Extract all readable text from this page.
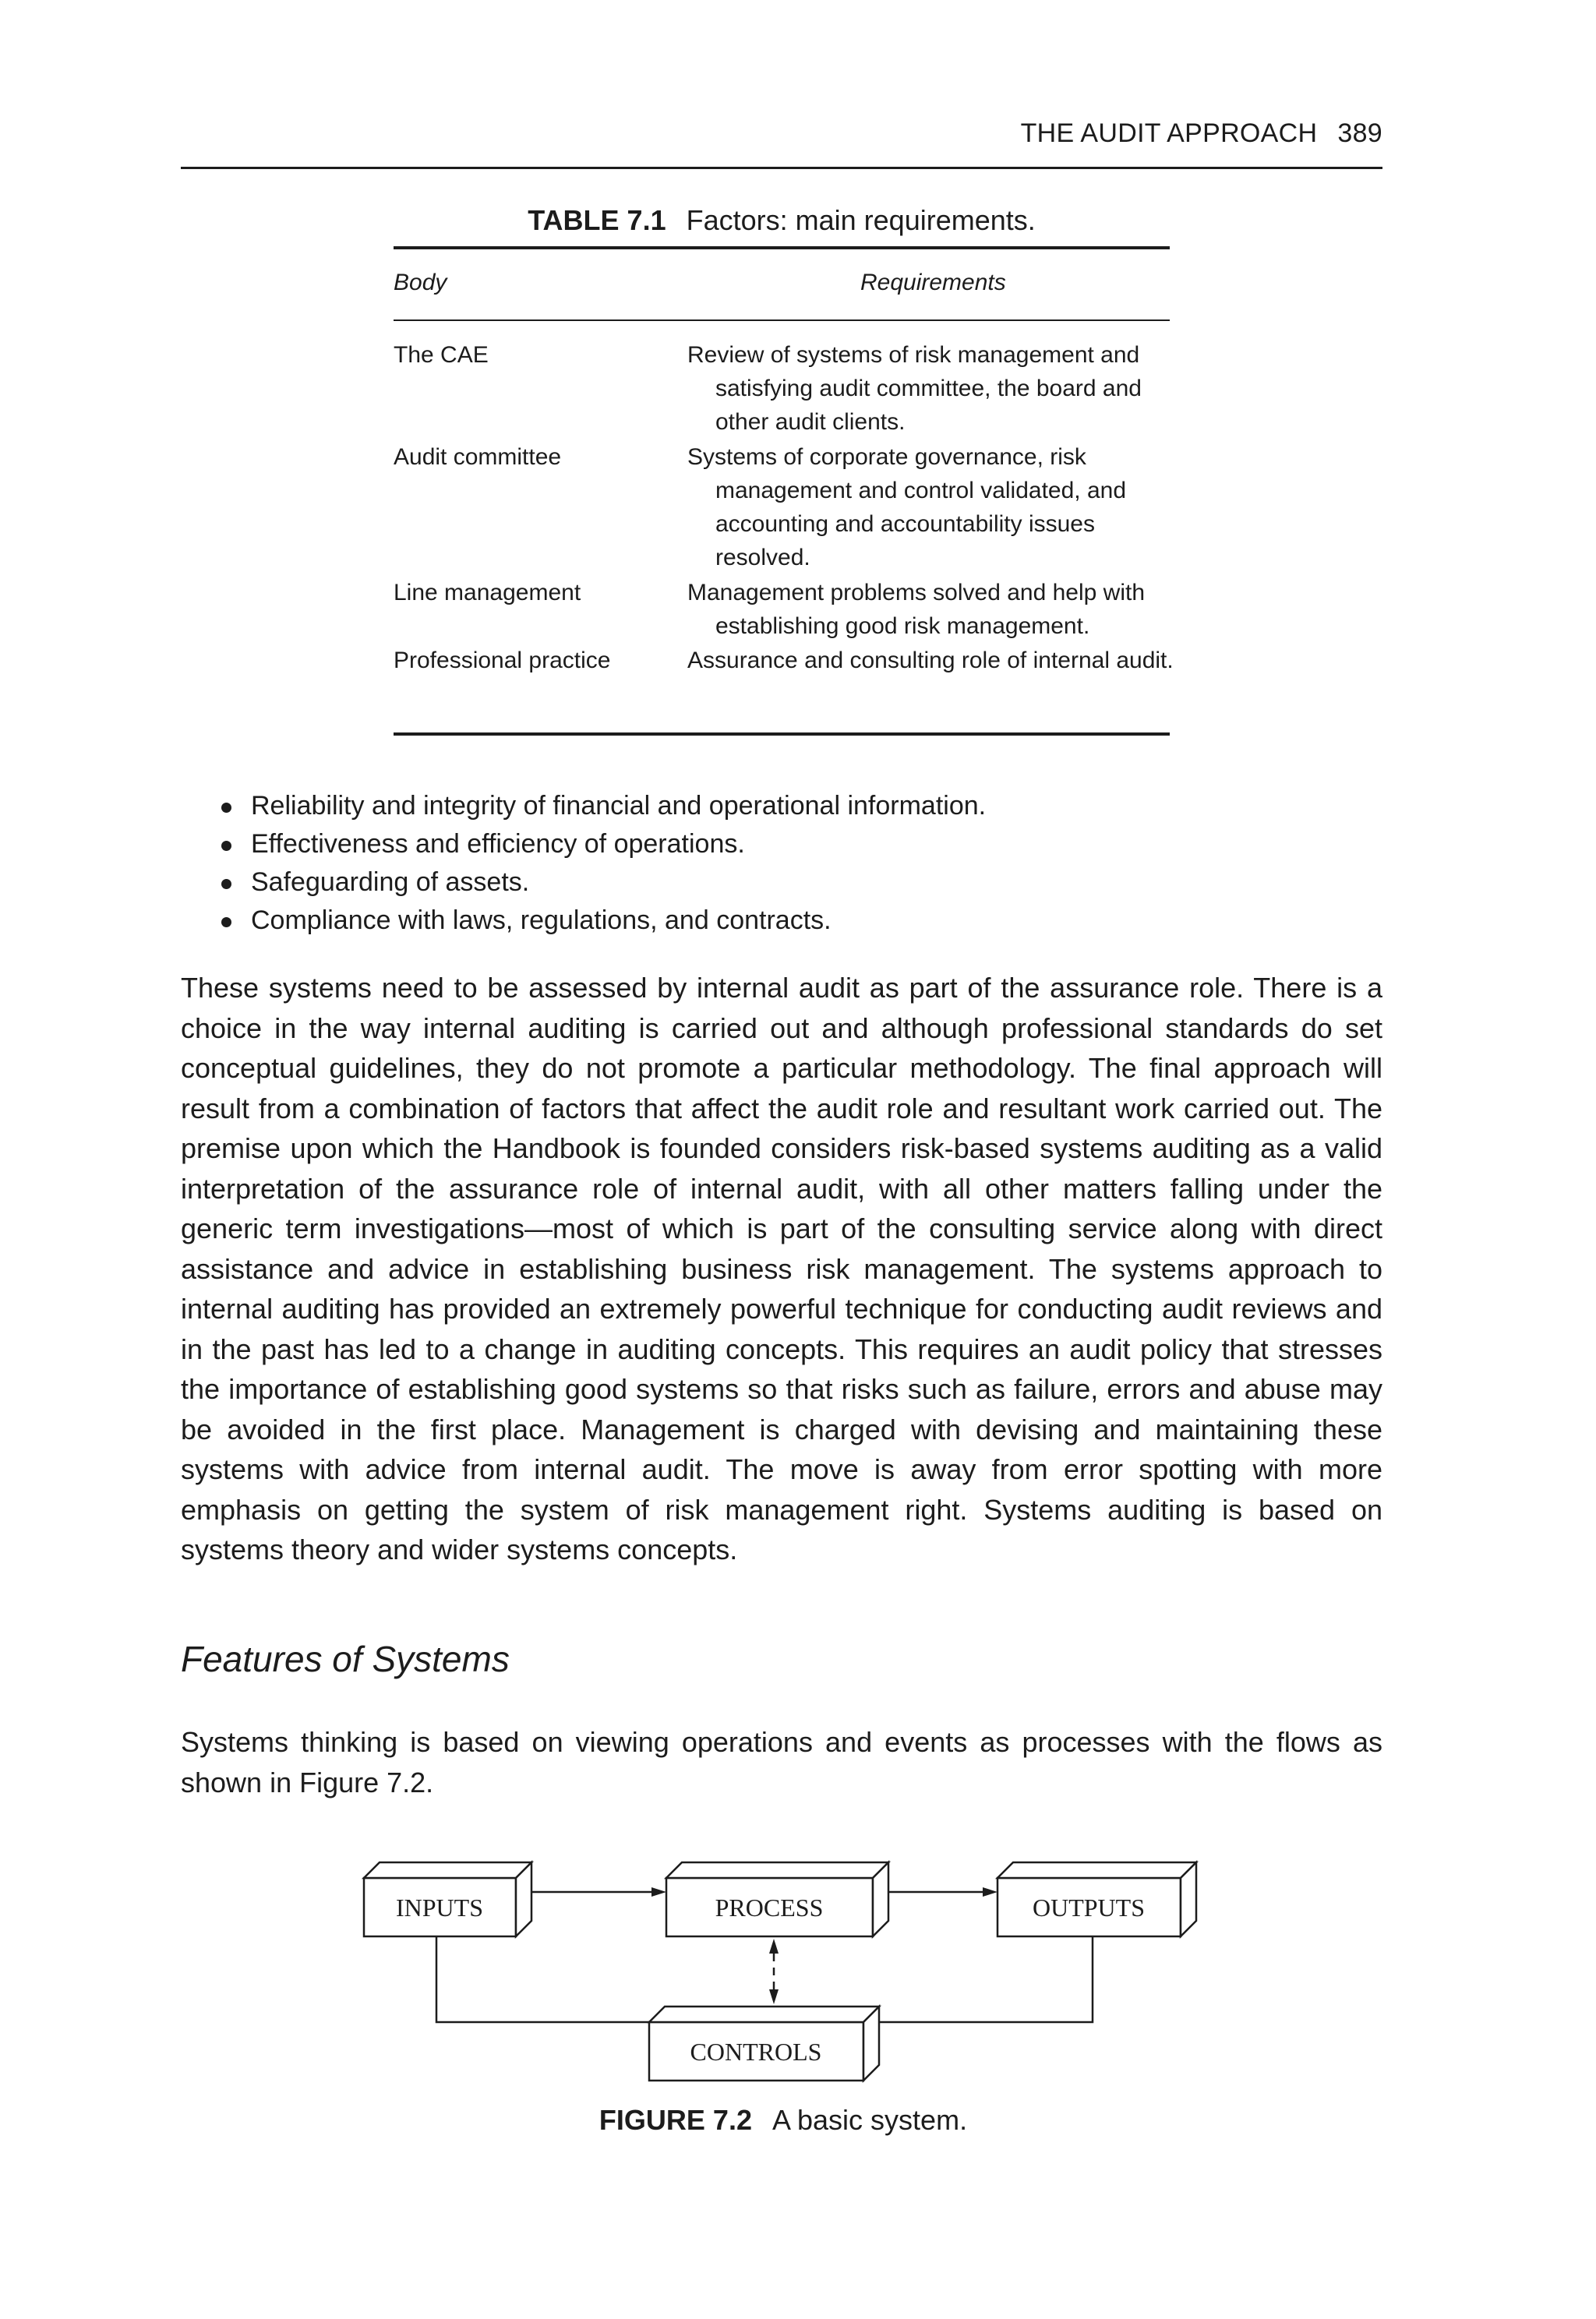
THE AUDIT APPROACH 389
TABLE 7.1 Factors: main requirements.
Body	Requirements
The CAE	Review of systems of risk management and satisfying audit committee, the board and other audit clients.
Audit committee	Systems of corporate governance, risk management and control validated, and accounting and accountability issues resolved.
Line management	Management problems solved and help with establishing good risk management.
Professional practice	Assurance and consulting role of internal audit.
Reliability and integrity of financial and operational information.
Effectiveness and efficiency of operations.
Safeguarding of assets.
Compliance with laws, regulations, and contracts.

These systems need to be assessed by internal audit as part of the assurance role. There is a choice in the way internal auditing is carried out and although professional standards do set conceptual guidelines, they do not promote a particular methodology. The final approach will result from a combination of factors that affect the audit role and resultant work carried out. The premise upon which the Handbook is founded considers risk-based systems auditing as a valid interpretation of the assurance role of internal audit, with all other matters falling under the generic term investigations—most of which is part of the consulting service along with direct assistance and advice in establishing business risk management. The systems approach to internal auditing has provided an extremely powerful technique for conducting audit reviews and in the past has led to a change in auditing concepts. This requires an audit policy that stresses the importance of establishing good systems so that risks such as failure, errors and abuse may be avoided in the first place. Management is charged with devising and maintaining these systems with advice from internal audit. The move is away from error spotting with more emphasis on getting the system of risk management right. Systems auditing is based on systems theory and wider systems concepts.

Features of Systems

Systems thinking is based on viewing operations and events as processes with the flows as shown in Figure 7.2.

INPUTS	PROCESS	OUTPUTS
CONTROLS
FIGURE 7.2 A basic system.
